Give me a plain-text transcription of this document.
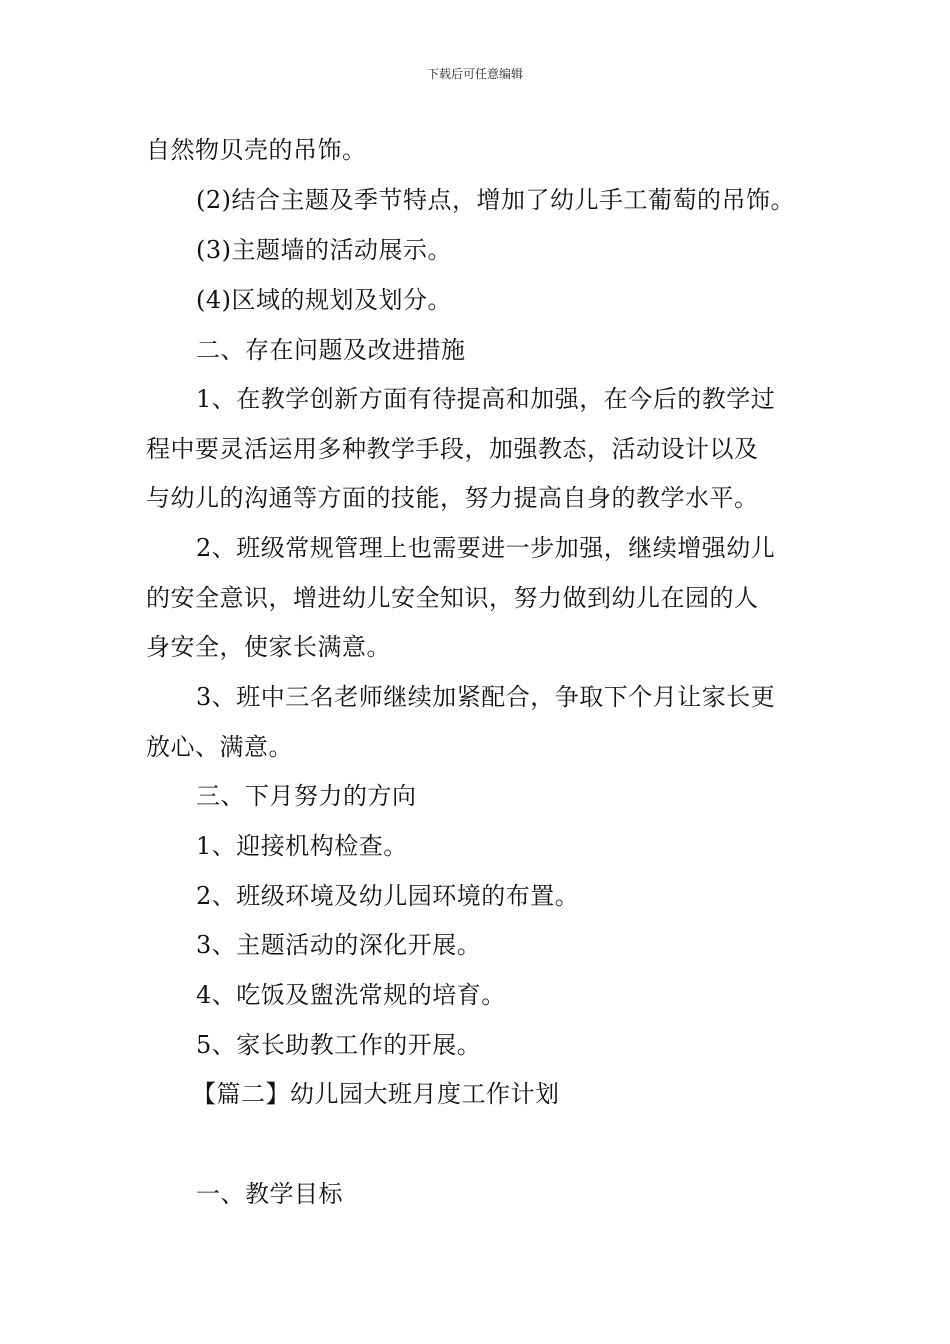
下载后可任意编辑
自然物贝壳的吊饰。
(2)结合主题及季节特点，增加了幼儿手工葡萄的吊饰。
(3)主题墙的活动展示。
(4)区域的规划及划分。
二、存在问题及改进措施
1、在教学创新方面有待提高和加强，在今后的教学过
程中要灵活运用多种教学手段，加强教态，活动设计以及
与幼儿的沟通等方面的技能，努力提高自身的教学水平。
2、班级常规管理上也需要进一步加强，继续增强幼儿
的安全意识，增进幼儿安全知识，努力做到幼儿在园的人
身安全，使家长满意。
3、班中三名老师继续加紧配合，争取下个月让家长更
放心、满意。
三、下月努力的方向
1、迎接机构检查。
2、班级环境及幼儿园环境的布置。
3、主题活动的深化开展。
4、吃饭及盥洗常规的培育。
5、家长助教工作的开展。
【篇二】幼儿园大班月度工作计划
一、教学目标
